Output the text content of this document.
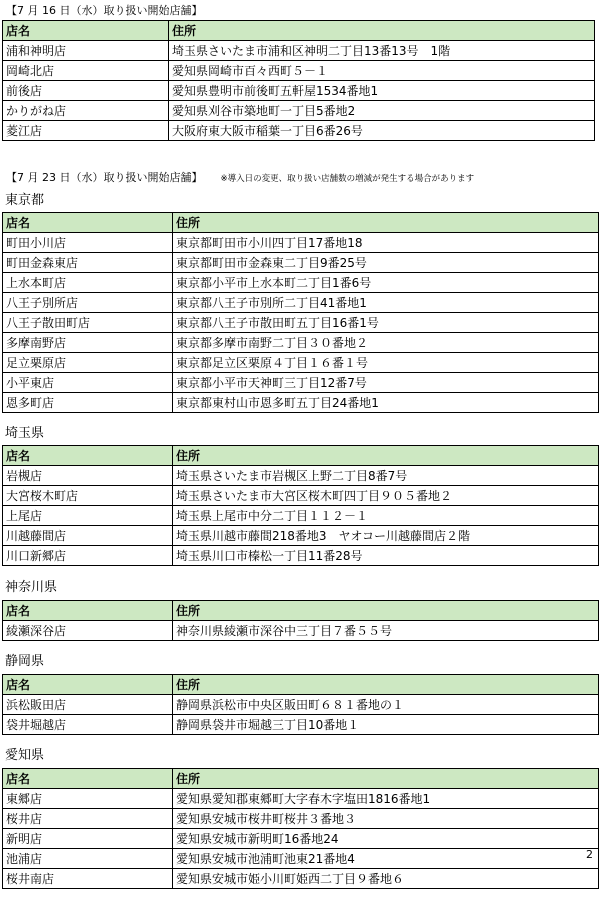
【7 月 16 日（水）取り扱い開始店舗】
店名	住所
浦和神明店	埼玉県さいたま市浦和区神明二丁目13番13号　1階
岡崎北店	愛知県岡崎市百々西町５－１
前後店	愛知県豊明市前後町五軒屋1534番地1
かりがね店	愛知県刈谷市築地町一丁目5番地2
菱江店	大阪府東大阪市稲葉一丁目6番26号
【7 月 23 日（水）取り扱い開始店舗】 ※導入日の変更、取り扱い店舗数の増減が発生する場合があります
東京都
店名	住所
町田小川店	東京都町田市小川四丁目17番地18
町田金森東店	東京都町田市金森東二丁目9番25号
上水本町店	東京都小平市上水本町二丁目1番6号
八王子別所店	東京都八王子市別所二丁目41番地1
八王子散田町店	東京都八王子市散田町五丁目16番1号
多摩南野店	東京都多摩市南野二丁目３０番地２
足立栗原店	東京都足立区栗原４丁目１６番１号
小平東店	東京都小平市天神町三丁目12番7号
恩多町店	東京都東村山市恩多町五丁目24番地1
埼玉県
店名	住所
岩槻店	埼玉県さいたま市岩槻区上野二丁目8番7号
大宮桜木町店	埼玉県さいたま市大宮区桜木町四丁目９０５番地２
上尾店	埼玉県上尾市中分二丁目１１２－１
川越藤間店	埼玉県川越市藤間218番地3　ヤオコー川越藤間店２階
川口新郷店	埼玉県川口市榛松一丁目11番28号
神奈川県
店名	住所
綾瀬深谷店	神奈川県綾瀬市深谷中三丁目７番５５号
静岡県
店名	住所
浜松販田店	静岡県浜松市中央区販田町６８１番地の１
袋井堀越店	静岡県袋井市堀越三丁目10番地１
愛知県
店名	住所
東郷店	愛知県愛知郡東郷町大字春木字塩田1816番地1
桜井店	愛知県安城市桜井町桜井３番地３
新明店	愛知県安城市新明町16番地24
池浦店	愛知県安城市池浦町池東21番地4
桜井南店	愛知県安城市姫小川町姫西二丁目９番地６
2
